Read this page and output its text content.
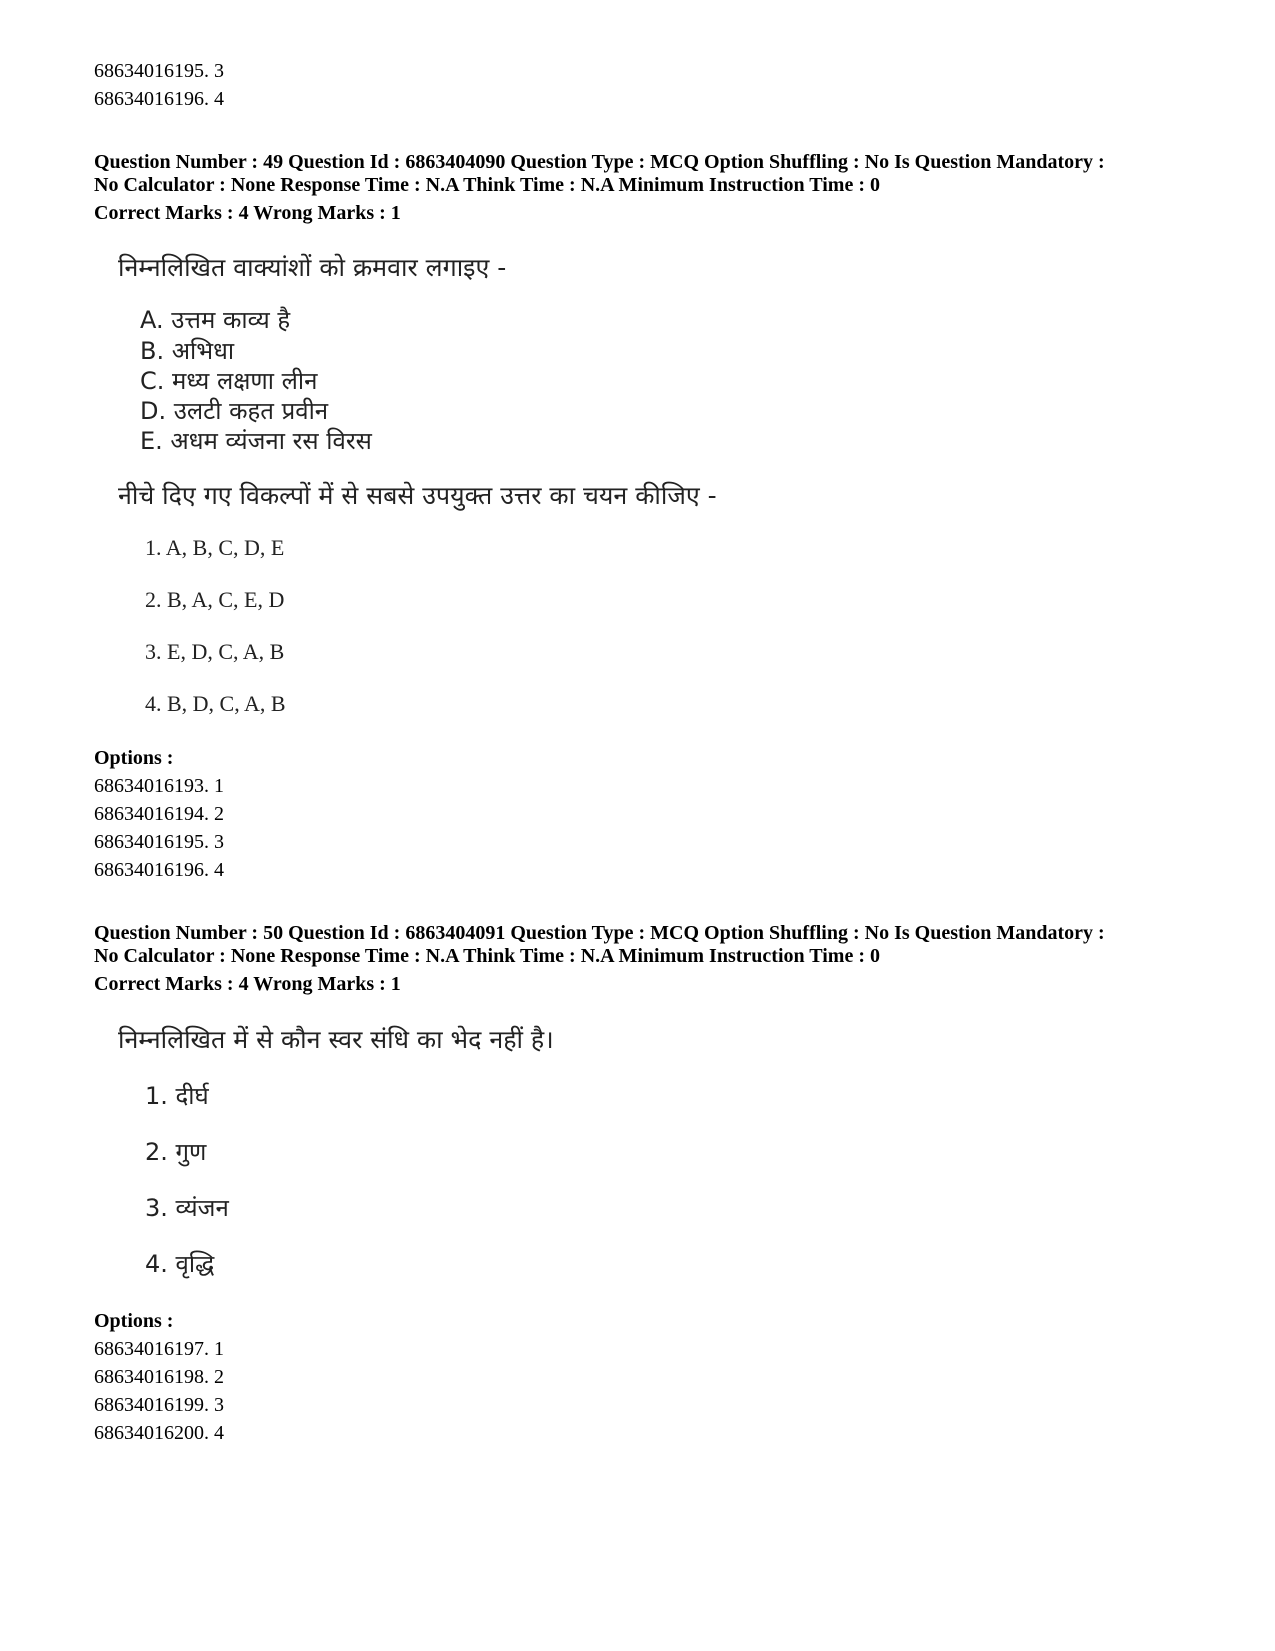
68634016195. 3
68634016196. 4
Question Number : 49 Question Id : 6863404090 Question Type : MCQ Option Shuffling : No Is Question Mandatory :
No Calculator : None Response Time : N.A Think Time : N.A Minimum Instruction Time : 0
Correct Marks : 4 Wrong Marks : 1
निम्नलिखित वाक्यांशों को क्रमवार लगाइए -
A. उत्तम काव्य है
B. अभिधा
C. मध्य लक्षणा लीन
D. उलटी कहत प्रवीन
E. अधम व्यंजना रस विरस
नीचे दिए गए विकल्पों में से सबसे उपयुक्त उत्तर का चयन कीजिए -
1. A, B, C, D, E
2. B, A, C, E, D
3. E, D, C, A, B
4. B, D, C, A, B
Options :
68634016193. 1
68634016194. 2
68634016195. 3
68634016196. 4
Question Number : 50 Question Id : 6863404091 Question Type : MCQ Option Shuffling : No Is Question Mandatory :
No Calculator : None Response Time : N.A Think Time : N.A Minimum Instruction Time : 0
Correct Marks : 4 Wrong Marks : 1
निम्नलिखित में से कौन स्वर संधि का भेद नहीं है।
1. दीर्घ
2. गुण
3. व्यंजन
4. वृद्धि
Options :
68634016197. 1
68634016198. 2
68634016199. 3
68634016200. 4
